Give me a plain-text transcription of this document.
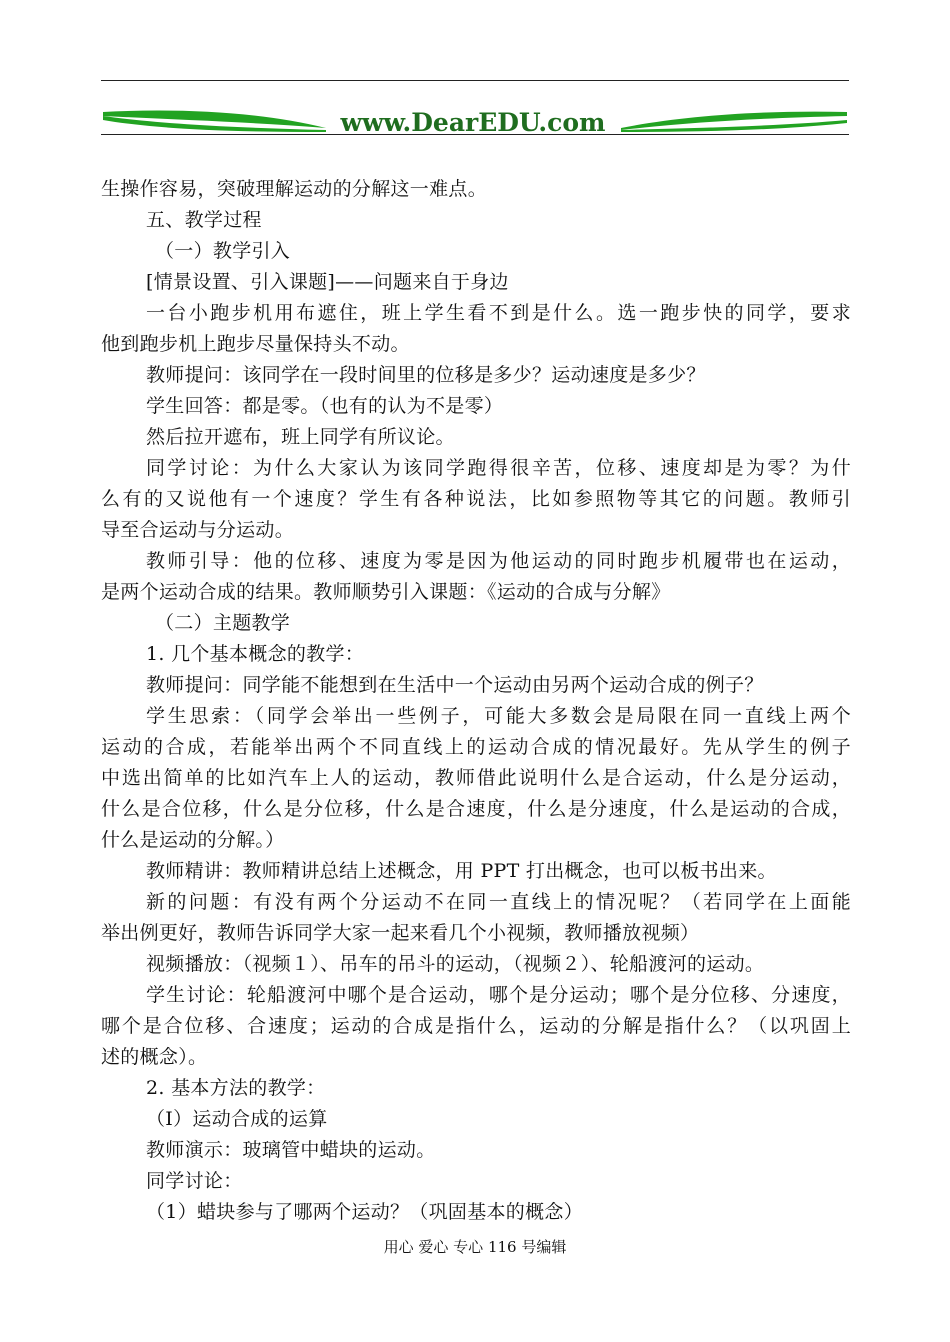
www.DearEDU.com
生操作容易，突破理解运动的分解这一难点。
五、教学过程
（一）教学引入
[情景设置、引入课题]——问题来自于身边
一台小跑步机用布遮住，班上学生看不到是什么。选一跑步快的同学，要求
他到跑步机上跑步尽量保持头不动。
教师提问：该同学在一段时间里的位移是多少？运动速度是多少？
学生回答：都是零。（也有的认为不是零）
然后拉开遮布，班上同学有所议论。
同学讨论：为什么大家认为该同学跑得很辛苦，位移、速度却是为零？为什
么有的又说他有一个速度？学生有各种说法，比如参照物等其它的问题。教师引
导至合运动与分运动。
教师引导：他的位移、速度为零是因为他运动的同时跑步机履带也在运动，
是两个运动合成的结果。教师顺势引入课题：《运动的合成与分解》
（二）主题教学
1. 几个基本概念的教学：
教师提问：同学能不能想到在生活中一个运动由另两个运动合成的例子？
学生思索：（同学会举出一些例子，可能大多数会是局限在同一直线上两个
运动的合成，若能举出两个不同直线上的运动合成的情况最好。先从学生的例子
中选出简单的比如汽车上人的运动，教师借此说明什么是合运动，什么是分运动，
什么是合位移，什么是分位移，什么是合速度，什么是分速度，什么是运动的合成，
什么是运动的分解。）
教师精讲：教师精讲总结上述概念，用 PPT 打出概念，也可以板书出来。
新的问题：有没有两个分运动不在同一直线上的情况呢？（若同学在上面能
举出例更好，教师告诉同学大家一起来看几个小视频，教师播放视频）
视频播放：（视频１）、吊车的吊斗的运动，（视频２）、轮船渡河的运动。
学生讨论：轮船渡河中哪个是合运动，哪个是分运动；哪个是分位移、分速度，
哪个是合位移、合速度；运动的合成是指什么，运动的分解是指什么？（以巩固上
述的概念）。
2. 基本方法的教学：
（I）运动合成的运算
教师演示：玻璃管中蜡块的运动。
同学讨论：
（1）蜡块参与了哪两个运动？（巩固基本的概念）
用心 爱心 专心 116 号编辑
